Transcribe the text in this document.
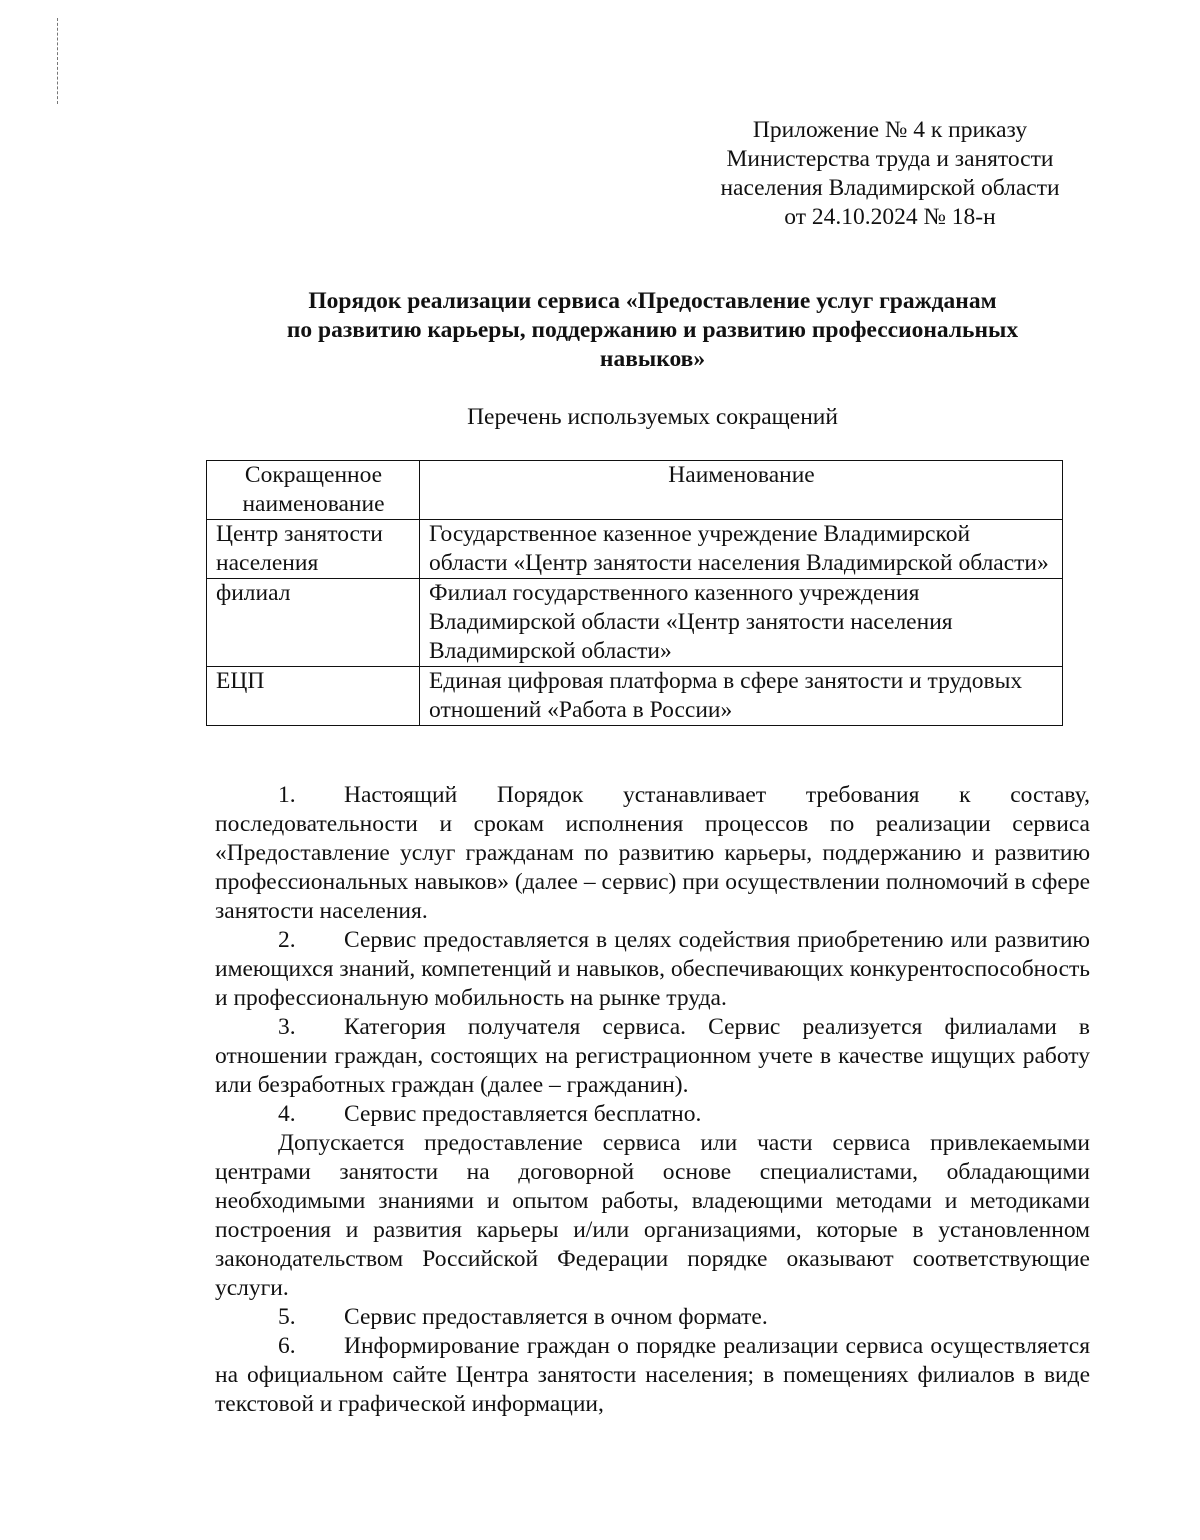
Приложение № 4 к приказу
Министерства труда и занятости
населения Владимирской области
от 24.10.2024 № 18-н
Порядок реализации сервиса «Предоставление услуг гражданам
по развитию карьеры, поддержанию и развитию профессиональных
навыков»
Перечень используемых сокращений
Сокращенное наименование	Наименование
Центр занятости населения	Государственное казенное учреждение Владимирской области «Центр занятости населения Владимирской области»
филиал	Филиал государственного казенного учреждения Владимирской области «Центр занятости населения Владимирской области»
ЕЦП	Единая цифровая платформа в сфере занятости и трудовых отношений «Работа в России»

1. Настоящий Порядок устанавливает требования к составу, последовательности и срокам исполнения процессов по реализации сервиса «Предоставление услуг гражданам по развитию карьеры, поддержанию и развитию профессиональных навыков» (далее – сервис) при осуществлении полномочий в сфере занятости населения.

2. Сервис предоставляется в целях содействия приобретению или развитию имеющихся знаний, компетенций и навыков, обеспечивающих конкурентоспособность и профессиональную мобильность на рынке труда.

3. Категория получателя сервиса. Сервис реализуется филиалами в отношении граждан, состоящих на регистрационном учете в качестве ищущих работу или безработных граждан (далее – гражданин).

4. Сервис предоставляется бесплатно.

Допускается предоставление сервиса или части сервиса привлекаемыми центрами занятости на договорной основе специалистами, обладающими необходимыми знаниями и опытом работы, владеющими методами и методиками построения и развития карьеры и/или организациями, которые в установленном законодательством Российской Федерации порядке оказывают соответствующие услуги.

5. Сервис предоставляется в очном формате.

6. Информирование граждан о порядке реализации сервиса осуществляется на официальном сайте Центра занятости населения; в помещениях филиалов в виде текстовой и графической информации,
